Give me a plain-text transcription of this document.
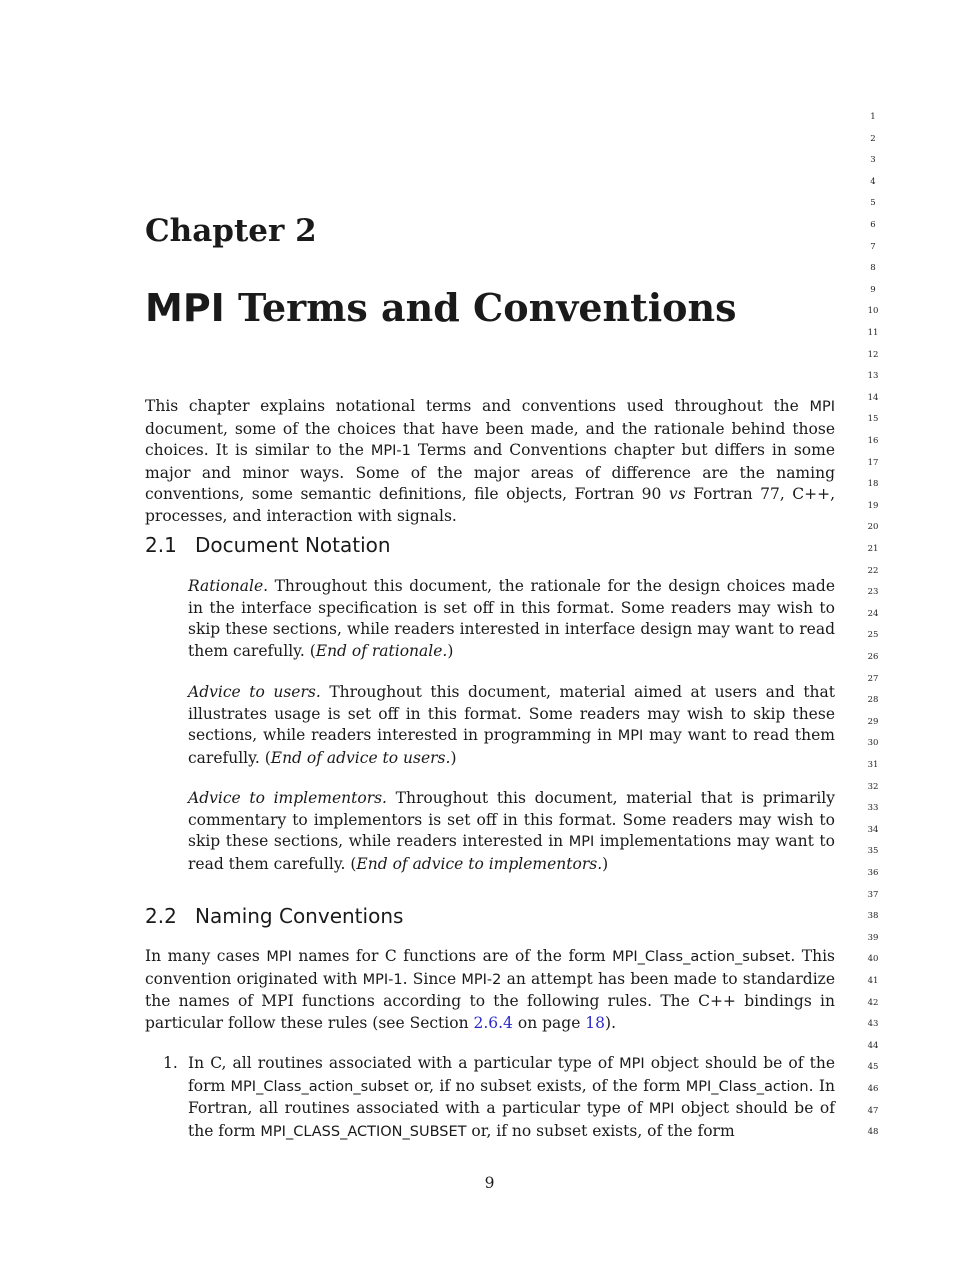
1
2
3
4
5
6
7
8
9
10
11
12
13
14
15
16
17
18
19
20
21
22
23
24
25
26
27
28
29
30
31
32
33
34
35
36
37
38
39
40
41
42
43
44
45
46
47
48
Chapter 2
MPI Terms and Conventions

This chapter explains notational terms and conventions used throughout the MPI document, some of the choices that have been made, and the rationale behind those choices. It is similar to the MPI-1 Terms and Conventions chapter but differs in some major and minor ways. Some of the major areas of difference are the naming conventions, some semantic definitions, file objects, Fortran 90 vs Fortran 77, C++, processes, and interaction with signals.

2.1 Document Notation

Rationale. Throughout this document, the rationale for the design choices made in the interface specification is set off in this format. Some readers may wish to skip these sections, while readers interested in interface design may want to read them carefully. (End of rationale.)

Advice to users. Throughout this document, material aimed at users and that illustrates usage is set off in this format. Some readers may wish to skip these sections, while readers interested in programming in MPI may want to read them carefully. (End of advice to users.)

Advice to implementors. Throughout this document, material that is primarily commentary to implementors is set off in this format. Some readers may wish to skip these sections, while readers interested in MPI implementations may want to read them carefully. (End of advice to implementors.)

2.2 Naming Conventions

In many cases MPI names for C functions are of the form MPI_Class_action_subset. This convention originated with MPI-1. Since MPI-2 an attempt has been made to standardize the names of MPI functions according to the following rules. The C++ bindings in particular follow these rules (see Section 2.6.4 on page 18).

1. In C, all routines associated with a particular type of MPI object should be of the form MPI_Class_action_subset or, if no subset exists, of the form MPI_Class_action. In Fortran, all routines associated with a particular type of MPI object should be of the form MPI_CLASS_ACTION_SUBSET or, if no subset exists, of the form

9
